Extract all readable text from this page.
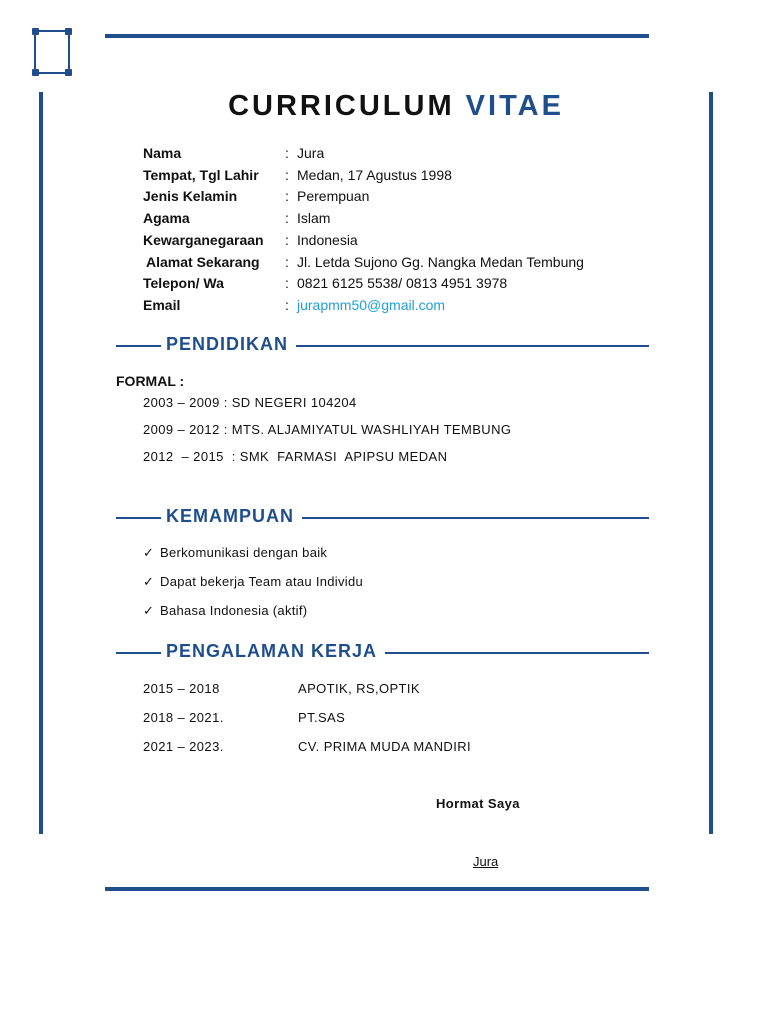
CURRICULUM VITAE
Nama	: Jura
Tempat, Tgl Lahir : Medan, 17 Agustus 1998
Jenis Kelamin	: Perempuan
Agama	: Islam
Kewarganegaraan : Indonesia
Alamat Sekarang : Jl. Letda Sujono Gg. Nangka Medan Tembung
Telepon/ Wa	: 0821 6125 5538/ 0813 4951 3978
Email	: jurapmm50@gmail.com
PENDIDIKAN
FORMAL :
2003 – 2009 : SD NEGERI 104204
2009 – 2012 : MTS. ALJAMIYATUL WASHLIYAH TEMBUNG
2012  – 2015  : SMK  FARMASI  APIPSU MEDAN
KEMAMPUAN
✓ Berkomunikasi dengan baik
✓ Dapat bekerja Team atau Individu
✓ Bahasa Indonesia (aktif)
PENGALAMAN KERJA
2015 – 2018	APOTIK, RS,OPTIK
2018 – 2021.	PT.SAS
2021 – 2023.	CV. PRIMA MUDA MANDIRI
Hormat Saya
Jura
